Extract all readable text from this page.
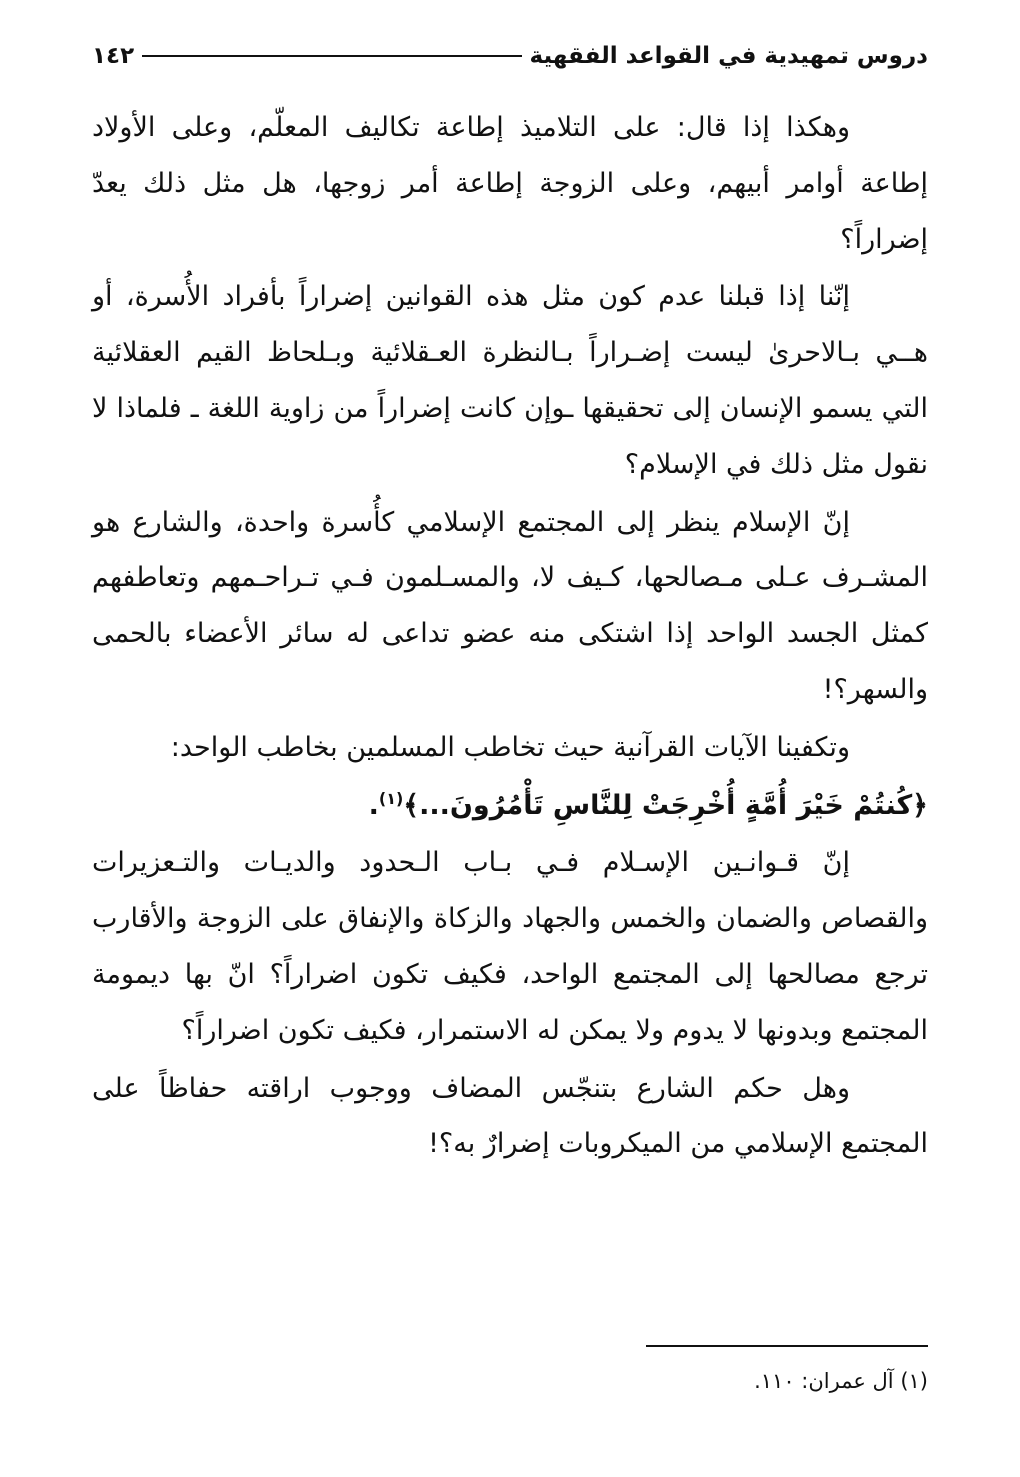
دروس تمهيدية في القواعد الفقهية
١٤٢

وهكذا إذا قال: على التلاميذ إطاعة تكاليف المعلّم، وعلى الأولاد إطاعة أوامر أبيهم، وعلى الزوجة إطاعة أمر زوجها، هل مثل ذلك يعدّ إضراراً؟

إنّنا إذا قبلنا عدم كون مثل هذه القوانين إضراراً بأفراد الأُسرة، أو هــي بـالاحرىٰ ليست إضـراراً بـالنظرة العـقلائية وبـلحاظ القيم العقلائية التي يسمو الإنسان إلى تحقيقها ـوإن كانت إضراراً من زاوية اللغة ـ فلماذا لا نقول مثل ذلك في الإسلام؟

إنّ الإسلام ينظر إلى المجتمع الإسلامي كأُسرة واحدة، والشارع هو المشـرف عـلى مـصالحها، كـيف لا، والمسـلمون فـي تـراحـمهم وتعاطفهم كمثل الجسد الواحد إذا اشتكى منه عضو تداعى له سائر الأعضاء بالحمى والسهر؟!

وتكفينا الآيات القرآنية حيث تخاطب المسلمين بخاطب الواحد:

﴿كُنتُمْ خَيْرَ أُمَّةٍ أُخْرِجَتْ لِلنَّاسِ تَأْمُرُونَ...﴾$^{(١)}$.

إنّ قـوانـين الإسـلام فـي بـاب الـحدود والديـات والتـعزيرات والقصاص والضمان والخمس والجهاد والزكاة والإنفاق على الزوجة والأقارب ترجع مصالحها إلى المجتمع الواحد، فكيف تكون اضراراً؟ انّ بها ديمومة المجتمع وبدونها لا يدوم ولا يمكن له الاستمرار، فكيف تكون اضراراً؟

وهل حكم الشارع بتنجّس المضاف ووجوب اراقته حفاظاً على المجتمع الإسلامي من الميكروبات إضرارٌ به؟!

(١) آل عمران: ١١٠.
